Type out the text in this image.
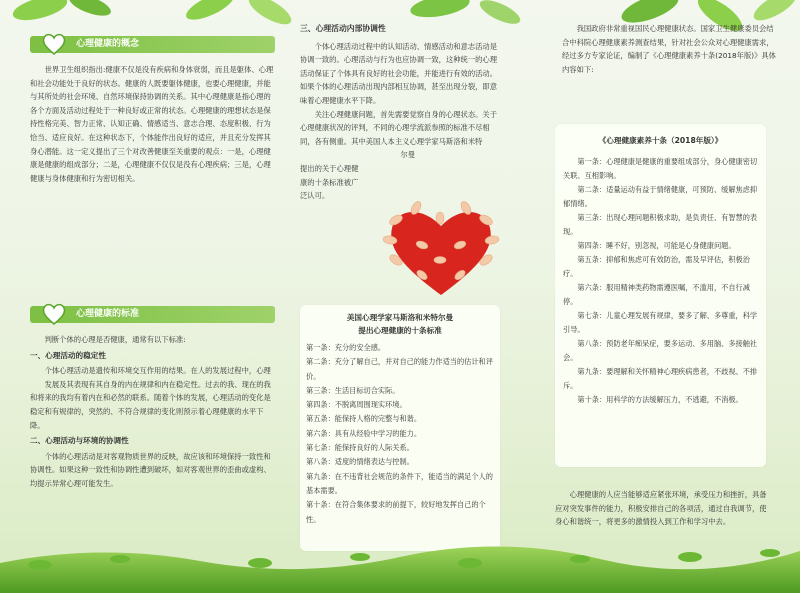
心理健康的概念

世界卫生组织指出:健康不仅是没有疾病和身体衰弱，而且是躯体、心理和社会功能处于良好的状态。健康的人既要躯体健康，也要心理健康，并能与其所处的社会环境、自然环境保持协调的关系。其中心理健康是指心理的各个方面及活动过程处于一种良好或正常的状态。心理健康的理想状态是保持性格完美、智力正常、认知正确、情感适当、意志合理、态度积极、行为恰当、适应良好。在这种状态下，个体能作出良好的适应，并且充分发挥其身心潜能。这一定义提出了三个对改善健康至关重要的观点：一是，心理健康是健康的组成部分；二是，心理健康不仅仅是没有心理疾病；三是，心理健康与身体健康和行为密切相关。

心理健康的标准

判断个体的心理是否健康，通常有以下标准:

一、心理活动的稳定性

个体心理活动是遗传和环境交互作用的结果。在人的发展过程中，心理

发展及其表现有其自身的内在规律和内在稳定性。过去的我、现在的我和将来的我均有着内在和必然的联系。随着个体的发展，心理活动的变化是稳定和有规律的，突然的、不符合规律的变化则预示着心理健康的水平下降。

二、心理活动与环境的协调性

个体的心理活动是对客观物质世界的反映，故应该和环境保持一致性和协调性。如果这种一致性和协调性遭到破坏，如对客观世界的歪曲或虚构、均提示异常心理可能发生。

三、心理活动内部协调性

个体心理活动过程中的认知活动、情感活动和意志活动是协调一致的。心理活动与行为也应协调一致，这种统一的心理活动保证了个体具有良好的社会功能，并能进行有效的活动。如果个体的心理活动出现内部相互协调，甚至出现分裂，即意味着心理健康水平下降。

关注心理健康问题，首先需要觉察自身的心理状态。关于心理健康状况的评判，不同的心理学流派参照的标准不尽相同，各有侧重。其中美国人本主义心理学家马斯洛和米特

尔曼
提出的关于心理健
康的十条标准被广
泛认可。
美国心理学家马斯洛和米特尔曼
提出心理健康的十条标准
第一条：充分的安全感。
第二条：充分了解自己，并对自己的能力作适当的估计和评价。
第三条：生活目标切合实际。
第四条：不脱离周围现实环境。
第五条：能保持人格的完整与和谐。
第六条：具有从经验中学习的能力。
第七条：能保持良好的人际关系。
第八条：适度的情绪表达与控制。
第九条：在不违背社会规范的条件下，能适当的满足个人的基本需要。
第十条：在符合集体要求的前提下，较好地发挥自己的个性。

我国政府非常重视国民心理健康状态。国家卫生健康委员会结合中科院心理健康素养测查结果，针对社会公众对心理健康需求，经过多方专家论证，编制了《心理健康素养十条(2018年版)》具体内容如下:

《心理健康素养十条（2018年版）》
第一条：心理健康是健康的重要组成部分，身心健康密切关联、互相影响。
第二条：适量运动有益于情绪健康，可预防、缓解焦虑抑郁情绪。
第三条：出现心理问题积极求助，是负责任、有智慧的表现。
第四条：睡不好，别忽视，可能是心身健康问题。
第五条：抑郁和焦虑可有效防治，需及早评估，积极治疗。
第六条：服用精神类药物需遵医嘱，不滥用，不自行减停。
第七条：儿童心理发展有规律，要多了解、多尊重，科学引导。
第八条：预防老年痴呆症，要多运动、多用脑、多接触社会。
第九条：要理解和关怀精神心理疾病患者，不歧视、不排斥。
第十条：用科学的方法缓解压力，不逃避，不消极。

心理健康的人应当能够适应紧张环境，承受压力和挫折，具备应对突发事件的能力，积极安排自己的各项活，通过自我调节，使身心和谐统一，将更多的激情投入到工作和学习中去。
